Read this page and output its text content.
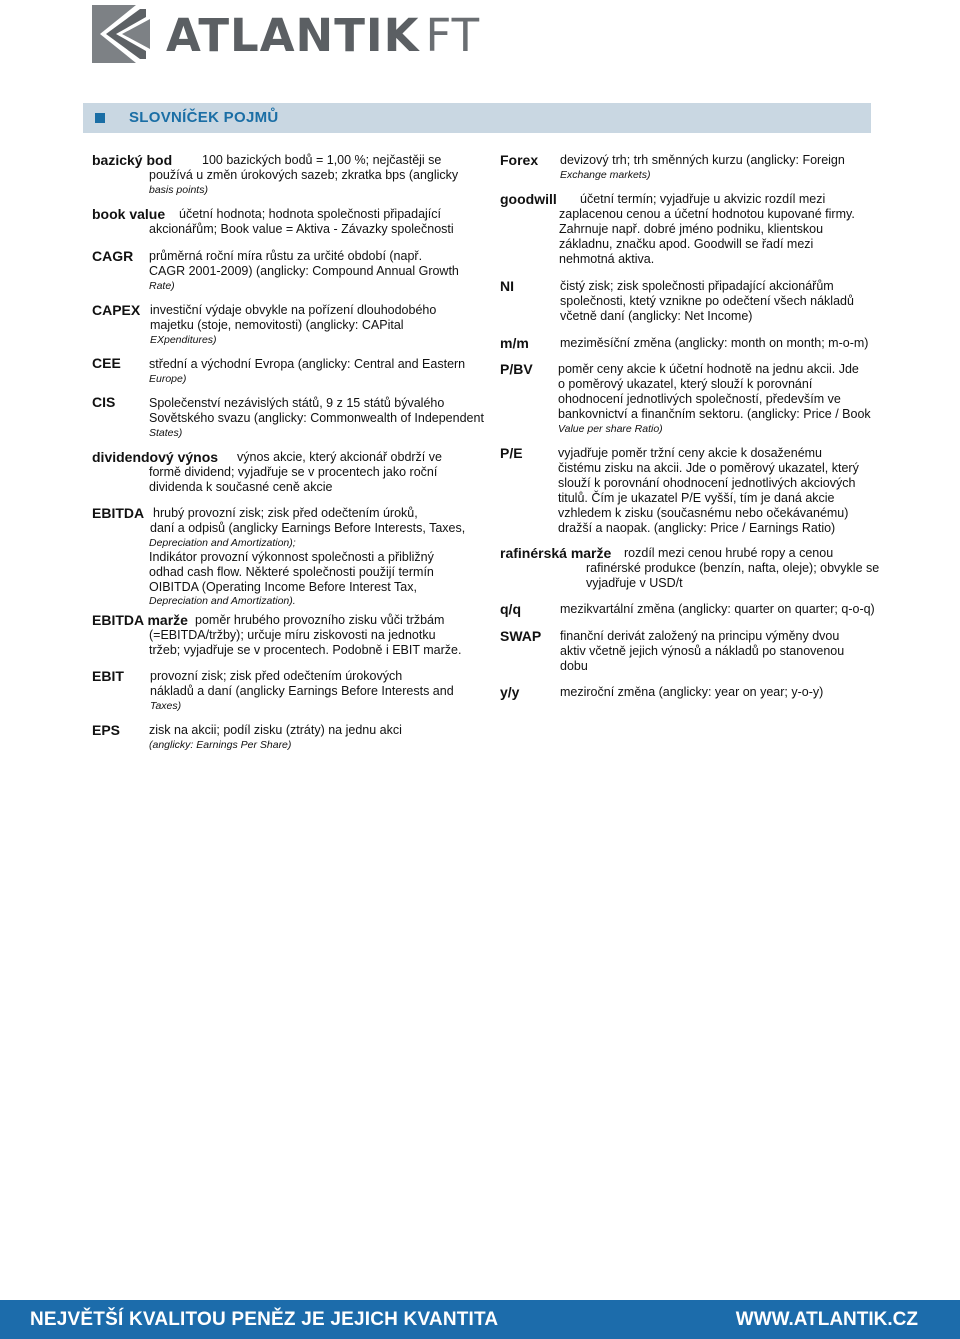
ATLANTIK FT
SLOVNÍČEK POJMŮ
bazický bod 100 bazických bodů = 1,00 %; nejčastěji se
používá u změn úrokových sazeb; zkratka bps (anglicky
basis points)
book value účetní hodnota; hodnota společnosti připadající
akcionářům; Book value = Aktiva - Závazky společnosti
CAGR průměrná roční míra růstu za určité období (např.
CAGR 2001-2009) (anglicky: Compound Annual Growth
Rate)
CAPEX investiční výdaje obvykle na pořízení dlouhodobého
majetku (stoje, nemovitosti) (anglicky: CAPital
EXpenditures)
CEE střední a východní Evropa (anglicky: Central and Eastern
Europe)
CIS	Společenství nezávislých států, 9 z 15 států bývalého
Sovětského svazu (anglicky: Commonwealth of Independent
States)
dividendový výnos výnos akcie, který akcionář obdrží ve
formě dividend; vyjadřuje se v procentech jako roční
dividenda k současné ceně akcie
EBITDA hrubý provozní zisk; zisk před odečtením úroků,
daní a odpisů (anglicky Earnings Before Interests, Taxes,
Depreciation and Amortization);
Indikátor provozní výkonnost společnosti a přibližný
odhad cash flow. Některé společnosti použijí termín
OIBITDA (Operating Income Before Interest Tax,
Depreciation and Amortization).
EBITDA marže poměr hrubého provozního zisku vůči tržbám
(=EBITDA/tržby); určuje míru ziskovosti na jednotku
tržeb; vyjadřuje se v procentech. Podobně i EBIT marže.
EBIT provozní zisk; zisk před odečtením úrokových
nákladů a daní (anglicky Earnings Before Interests and
Taxes)
EPS zisk na akcii; podíl zisku (ztráty) na jednu akci
(anglicky: Earnings Per Share)
Forex devizový trh; trh směnných kurzu (anglicky: Foreign
Exchange markets)
goodwill účetní termín; vyjadřuje u akvizic rozdíl mezi
zaplacenou cenou a účetní hodnotou kupované firmy.
Zahrnuje např. dobré jméno podniku, klientskou
základnu, značku apod. Goodwill se řadí mezi
nehmotná aktiva.
NI	čistý zisk; zisk společnosti připadající akcionářům
společnosti, ktetý vznikne po odečtení všech nákladů
včetně daní (anglicky: Net Income)
m/m meziměsíční změna (anglicky: month on month; m-o-m)
P/BV poměr ceny akcie k účetní hodnotě na jednu akcii. Jde
o poměrový ukazatel, který slouží k porovnání
ohodnocení jednotlivých společností, především ve
bankovnictví a finančním sektoru. (anglicky: Price / Book
Value per share Ratio)
P/E	vyjadřuje poměr tržní ceny akcie k dosaženému
čistému zisku na akcii. Jde o poměrový ukazatel, který
slouží k porovnání ohodnocení jednotlivých akciových
titulů. Čím je ukazatel P/E vyšší, tím je daná akcie
vzhledem k zisku (současnému nebo očekávanému)
dražší a naopak. (anglicky: Price / Earnings Ratio)
rafinérská marže rozdíl mezi cenou hrubé ropy a cenou
rafinérské produkce (benzín, nafta, oleje); obvykle se
vyjadřuje v USD/t
q/q	mezikvartální změna (anglicky: quarter on quarter; q-o-q)
SWAP finanční derivát založený na principu výměny dvou
aktiv včetně jejich výnosů a nákladů po stanovenou
dobu
y/y	meziroční změna (anglicky: year on year; y-o-y)
NEJVĚTŠÍ KVALITOU PENĚZ JE JEJICH KVANTITA	WWW.ATLANTIK.CZ
